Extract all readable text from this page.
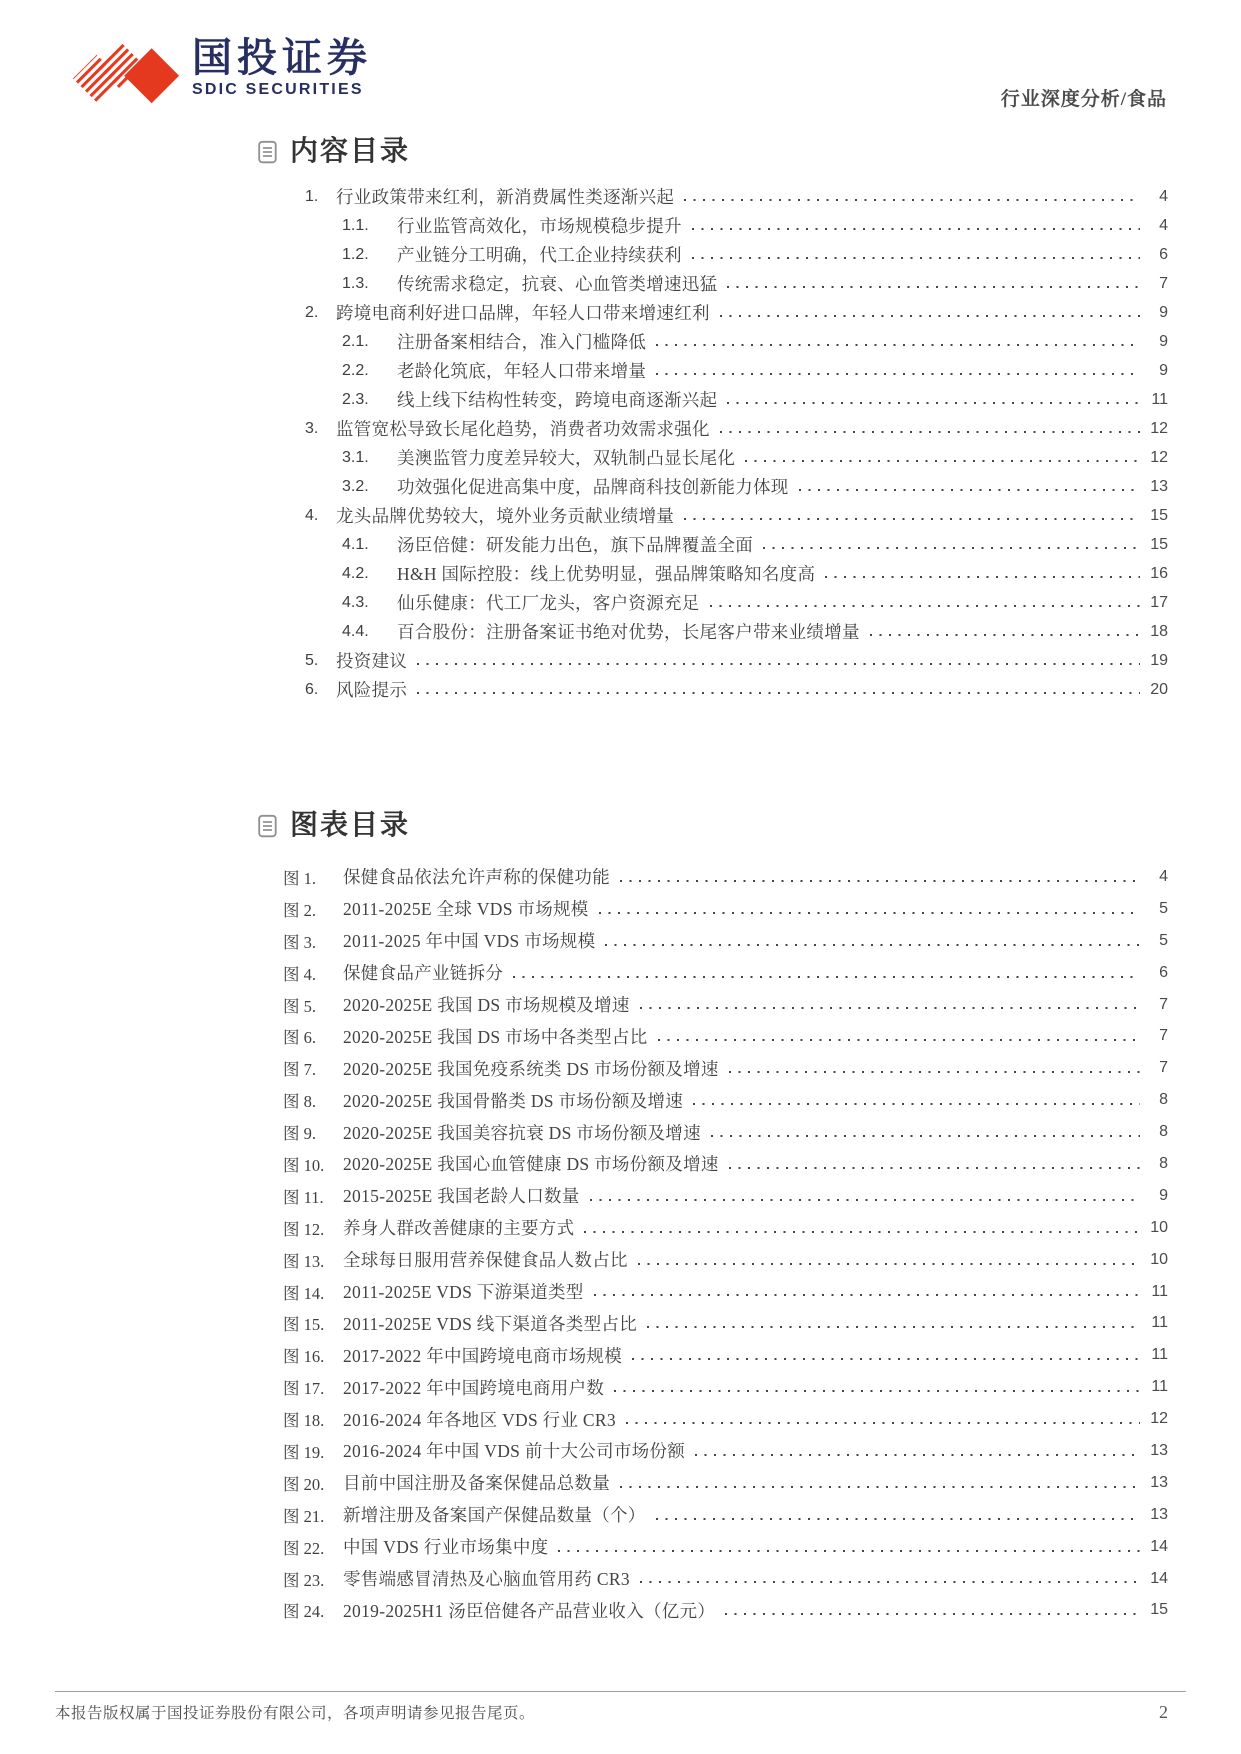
国投证券
SDIC SECURITIES	行业深度分析/食品
内容目录
1. 行业政策带来红利，新消费属性类逐渐兴起	4
1.1.	行业监管高效化，市场规模稳步提升	4
1.2.	产业链分工明确，代工企业持续获利	6
1.3.	传统需求稳定，抗衰、心血管类增速迅猛	7
2. 跨境电商利好进口品牌，年轻人口带来增速红利	9
2.1.	注册备案相结合，准入门槛降低	9
2.2.	老龄化筑底，年轻人口带来增量	9
2.3.	线上线下结构性转变，跨境电商逐渐兴起	11
3. 监管宽松导致长尾化趋势，消费者功效需求强化	12
3.1.	美澳监管力度差异较大，双轨制凸显长尾化	12
3.2.	功效强化促进高集中度，品牌商科技创新能力体现	13
4. 龙头品牌优势较大，境外业务贡献业绩增量	15
4.1.	汤臣倍健：研发能力出色，旗下品牌覆盖全面	15
4.2.	H&H 国际控股：线上优势明显，强品牌策略知名度高	16
4.3.	仙乐健康：代工厂龙头，客户资源充足	17
4.4.	百合股份：注册备案证书绝对优势，长尾客户带来业绩增量	18
5. 投资建议	19
6. 风险提示	20
图表目录
图 1.	保健食品依法允许声称的保健功能	4
图 2.	2011-2025E 全球 VDS 市场规模	5
图 3.	2011-2025 年中国 VDS 市场规模	5
图 4.	保健食品产业链拆分	6
图 5.	2020-2025E 我国 DS 市场规模及增速	7
图 6.	2020-2025E 我国 DS 市场中各类型占比	7
图 7.	2020-2025E 我国免疫系统类 DS 市场份额及增速	7
图 8.	2020-2025E 我国骨骼类 DS 市场份额及增速	8
图 9.	2020-2025E 我国美容抗衰 DS 市场份额及增速	8
图 10.	2020-2025E 我国心血管健康 DS 市场份额及增速	8
图 11.	2015-2025E 我国老龄人口数量	9
图 12.	养身人群改善健康的主要方式	10
图 13.	全球每日服用营养保健食品人数占比	10
图 14.	2011-2025E VDS 下游渠道类型	11
图 15.	2011-2025E VDS 线下渠道各类型占比	11
图 16.	2017-2022 年中国跨境电商市场规模	11
图 17.	2017-2022 年中国跨境电商用户数	11
图 18.	2016-2024 年各地区 VDS 行业 CR3	12
图 19.	2016-2024 年中国 VDS 前十大公司市场份额	13
图 20.	目前中国注册及备案保健品总数量	13
图 21.	新增注册及备案国产保健品数量（个）	13
图 22.	中国 VDS 行业市场集中度	14
图 23.	零售端感冒清热及心脑血管用药 CR3	14
图 24.	2019-2025H1 汤臣倍健各产品营业收入（亿元）	15
本报告版权属于国投证券股份有限公司，各项声明请参见报告尾页。	2
